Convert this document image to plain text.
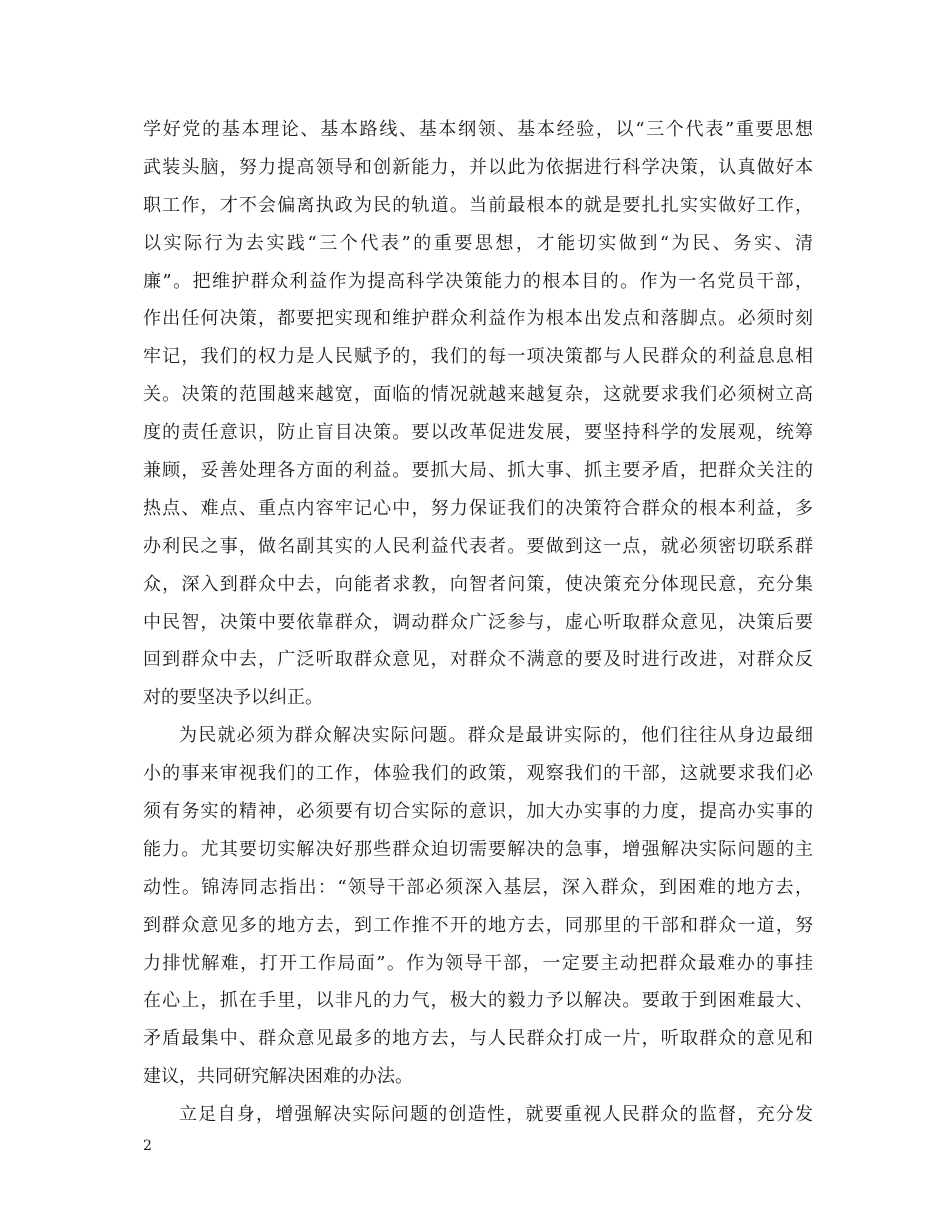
学好党的基本理论、基本路线、基本纲领、基本经验，以“三个代表”重要思想
武装头脑，努力提高领导和创新能力，并以此为依据进行科学决策，认真做好本
职工作，才不会偏离执政为民的轨道。当前最根本的就是要扎扎实实做好工作，
以实际行为去实践“三个代表”的重要思想，才能切实做到“为民、务实、清
廉”。把维护群众利益作为提高科学决策能力的根本目的。作为一名党员干部，
作出任何决策，都要把实现和维护群众利益作为根本出发点和落脚点。必须时刻
牢记，我们的权力是人民赋予的，我们的每一项决策都与人民群众的利益息息相
关。决策的范围越来越宽，面临的情况就越来越复杂，这就要求我们必须树立高
度的责任意识，防止盲目决策。要以改革促进发展，要坚持科学的发展观，统筹
兼顾，妥善处理各方面的利益。要抓大局、抓大事、抓主要矛盾，把群众关注的
热点、难点、重点内容牢记心中，努力保证我们的决策符合群众的根本利益，多
办利民之事，做名副其实的人民利益代表者。要做到这一点，就必须密切联系群
众，深入到群众中去，向能者求教，向智者问策，使决策充分体现民意，充分集
中民智，决策中要依靠群众，调动群众广泛参与，虚心听取群众意见，决策后要
回到群众中去，广泛听取群众意见，对群众不满意的要及时进行改进，对群众反
对的要坚决予以纠正。
为民就必须为群众解决实际问题。群众是最讲实际的，他们往往从身边最细
小的事来审视我们的工作，体验我们的政策，观察我们的干部，这就要求我们必
须有务实的精神，必须要有切合实际的意识，加大办实事的力度，提高办实事的
能力。尤其要切实解决好那些群众迫切需要解决的急事，增强解决实际问题的主
动性。锦涛同志指出：“领导干部必须深入基层，深入群众，到困难的地方去，
到群众意见多的地方去，到工作推不开的地方去，同那里的干部和群众一道，努
力排忧解难，打开工作局面”。作为领导干部，一定要主动把群众最难办的事挂
在心上，抓在手里，以非凡的力气，极大的毅力予以解决。要敢于到困难最大、
矛盾最集中、群众意见最多的地方去，与人民群众打成一片，听取群众的意见和
建议，共同研究解决困难的办法。
立足自身，增强解决实际问题的创造性，就要重视人民群众的监督，充分发
2
